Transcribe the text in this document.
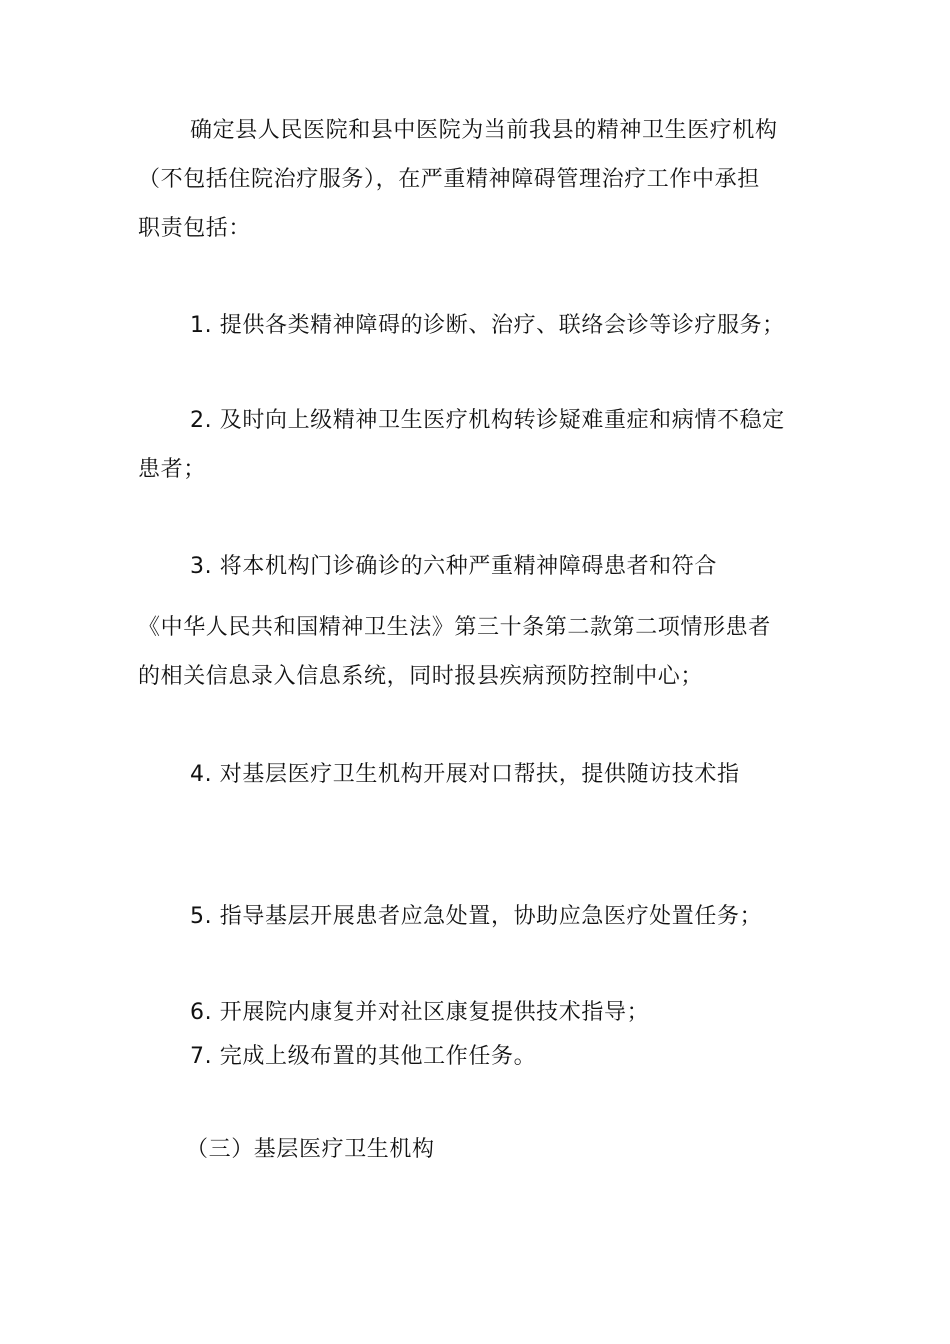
确定县人民医院和县中医院为当前我县的精神卫生医疗机构
（不包括住院治疗服务），在严重精神障碍管理治疗工作中承担
职责包括：
1. 提供各类精神障碍的诊断、治疗、联络会诊等诊疗服务；
2. 及时向上级精神卫生医疗机构转诊疑难重症和病情不稳定
患者；
3. 将本机构门诊确诊的六种严重精神障碍患者和符合
《中华人民共和国精神卫生法》第三十条第二款第二项情形患者
的相关信息录入信息系统，同时报县疾病预防控制中心；
4. 对基层医疗卫生机构开展对口帮扶，提供随访技术指
5. 指导基层开展患者应急处置，协助应急医疗处置任务；
6. 开展院内康复并对社区康复提供技术指导；
7. 完成上级布置的其他工作任务。
（三）基层医疗卫生机构
